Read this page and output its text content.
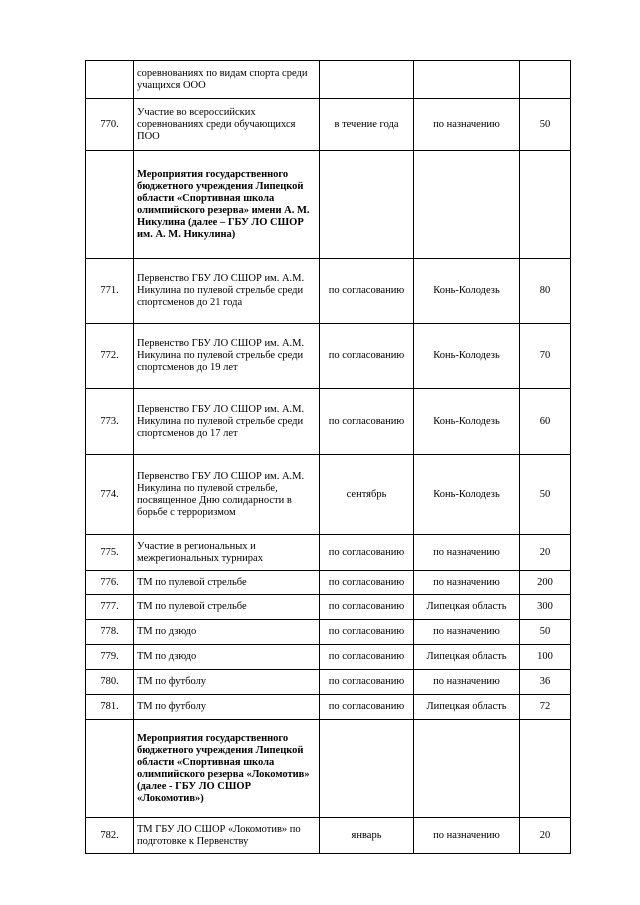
	соревнованиях по видам спорта среди учащихся ООО			
770.	Участие во всероссийских соревнованиях среди обучающихся ПОО	в течение года	по назначению	50
	Мероприятия государственного бюджетного учреждения Липецкой области «Спортивная школа олимпийского резерва» имени А. М. Никулина (далее – ГБУ ЛО СШОР им. А. М. Никулина)			
771.	Первенство ГБУ ЛО СШОР им. А.М. Никулина по пулевой стрельбе среди спортсменов до 21 года	по согласованию	Конь-Колодезь	80
772.	Первенство ГБУ ЛО СШОР им. А.М. Никулина по пулевой стрельбе среди спортсменов до 19 лет	по согласованию	Конь-Колодезь	70
773.	Первенство ГБУ ЛО СШОР им. А.М. Никулина по пулевой стрельбе среди спортсменов до 17 лет	по согласованию	Конь-Колодезь	60
774.	Первенство ГБУ ЛО СШОР им. А.М. Никулина по пулевой стрельбе, посвященное Дню солидарности в борьбе с терроризмом	сентябрь	Конь-Колодезь	50
775.	Участие в региональных и межрегиональных турнирах	по согласованию	по назначению	20
776.	ТМ по пулевой стрельбе	по согласованию	по назначению	200
777.	ТМ по пулевой стрельбе	по согласованию	Липецкая область	300
778.	ТМ по дзюдо	по согласованию	по назначению	50
779.	ТМ по дзюдо	по согласованию	Липецкая область	100
780.	ТМ по футболу	по согласованию	по назначению	36
781.	ТМ по футболу	по согласованию	Липецкая область	72
	Мероприятия государственного бюджетного учреждения Липецкой области «Спортивная школа олимпийского резерва «Локомотив» (далее - ГБУ ЛО СШОР «Локомотив»)			
782.	ТМ ГБУ ЛО СШОР «Локомотив» по подготовке к Первенству	январь	по назначению	20
